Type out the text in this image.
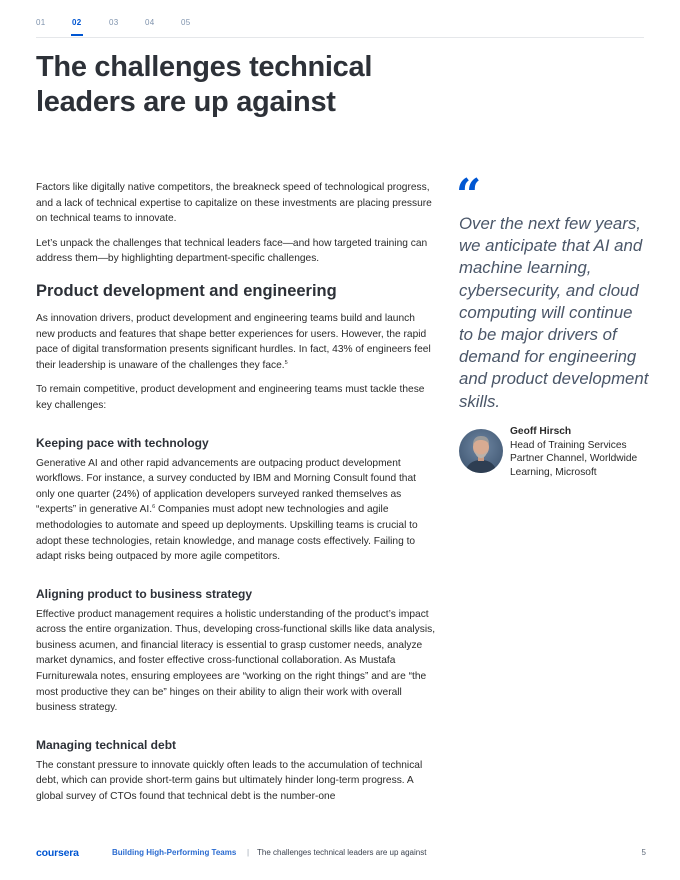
01	02	03	04	05
The challenges technical leaders are up against

Factors like digitally native competitors, the breakneck speed of technological progress, and a lack of technical expertise to capitalize on these investments are placing pressure on technical teams to innovate.

Let’s unpack the challenges that technical leaders face—and how targeted training can address them—by highlighting department-specific challenges.

Product development and engineering

As innovation drivers, product development and engineering teams build and launch new products and features that shape better experiences for users. However, the rapid pace of digital transformation presents significant hurdles. In fact, 43% of engineers feel their leadership is unaware of the challenges they face.$^5$

To remain competitive, product development and engineering teams must tackle these key challenges:

Keeping pace with technology

Generative AI and other rapid advancements are outpacing product development workflows. For instance, a survey conducted by IBM and Morning Consult found that only one quarter (24%) of application developers surveyed ranked themselves as “experts” in generative AI.$^6$ Companies must adopt new technologies and agile methodologies to automate and speed up deployments. Upskilling teams is crucial to adopt these technologies, retain knowledge, and manage costs effectively. Failing to adapt risks being outpaced by more agile competitors.

Aligning product to business strategy

Effective product management requires a holistic understanding of the product’s impact across the entire organization. Thus, developing cross-functional skills like data analysis, business acumen, and financial literacy is essential to grasp customer needs, analyze market dynamics, and foster effective cross-functional collaboration. As Mustafa Furniturewala notes, ensuring employees are “working on the right things” and are “the most productive they can be” hinges on their ability to align their work with overall business strategy.

Managing technical debt

The constant pressure to innovate quickly often leads to the accumulation of technical debt, which can provide short-term gains but ultimately hinder long-term progress. A global survey of CTOs found that technical debt is the number-one

“

Over the next few years, we anticipate that AI and machine learning, cybersecurity, and cloud computing will continue to be major drivers of demand for engineering and product development skills.

Geoff Hirsch
Head of Training Services Partner Channel, Worldwide Learning, Microsoft
coursera	Building High-Performing Teams | The challenges technical leaders are up against	5
